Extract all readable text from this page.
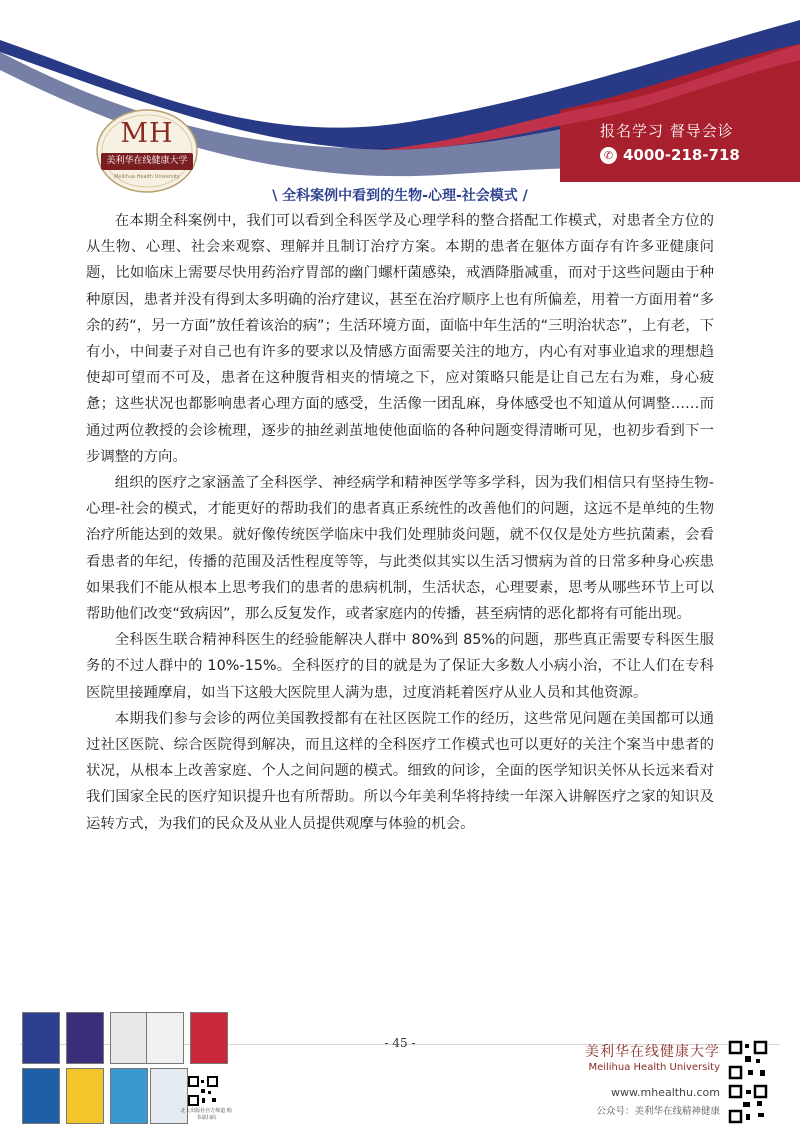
MH
美利华在线健康大学
Meilihua Health University
报名学习 督导会诊
✆ 4000-218-718
\ 全科案例中看到的生物-心理-社会模式 /

在本期全科案例中，我们可以看到全科医学及心理学科的整合搭配工作模式，对患者全方位的从生物、心理、社会来观察、理解并且制订治疗方案。本期的患者在躯体方面存有许多亚健康问题，比如临床上需要尽快用药治疗胃部的幽门螺杆菌感染，戒酒降脂减重，而对于这些问题由于种种原因，患者并没有得到太多明确的治疗建议，甚至在治疗顺序上也有所偏差，用着一方面用着“多余的药“，另一方面”放任着该治的病”；生活环境方面，面临中年生活的“三明治状态”，上有老，下有小，中间妻子对自己也有许多的要求以及情感方面需要关注的地方，内心有对事业追求的理想趋使却可望而不可及，患者在这种腹背相夹的情境之下，应对策略只能是让自己左右为难，身心疲惫；这些状况也都影响患者心理方面的感受，生活像一团乱麻，身体感受也不知道从何调整……而通过两位教授的会诊梳理，逐步的抽丝剥茧地使他面临的各种问题变得清晰可见，也初步看到下一步调整的方向。

组织的医疗之家涵盖了全科医学、神经病学和精神医学等多学科，因为我们相信只有坚持生物-心理-社会的模式，才能更好的帮助我们的患者真正系统性的改善他们的问题，这远不是单纯的生物治疗所能达到的效果。就好像传统医学临床中我们处理肺炎问题，就不仅仅是处方些抗菌素，会看看患者的年纪，传播的范围及活性程度等等，与此类似其实以生活习惯病为首的日常多种身心疾患如果我们不能从根本上思考我们的患者的患病机制，生活状态，心理要素，思考从哪些环节上可以帮助他们改变“致病因”，那么反复发作，或者家庭内的传播，甚至病情的恶化都将有可能出现。

全科医生联合精神科医生的经验能解决人群中 80%到 85%的问题，那些真正需要专科医生服务的不过人群中的 10%-15%。全科医疗的目的就是为了保证大多数人小病小治，不让人们在专科医院里接踵摩肩，如当下这般大医院里人满为患，过度消耗着医疗从业人员和其他资源。

本期我们参与会诊的两位美国教授都有在社区医院工作的经历，这些常见问题在美国都可以通过社区医院、综合医院得到解决，而且这样的全科医疗工作模式也可以更好的关注个案当中患者的状况，从根本上改善家庭、个人之间问题的模式。细致的问诊，全面的医学知识关怀从长远来看对我们国家全民的医疗知识提升也有所帮助。所以今年美利华将持续一年深入讲解医疗之家的知识及运转方式，为我们的民众及从业人员提供观摩与体验的机会。

- 45 -
北大出版社官方频道 购书请扫码
美利华在线健康大学
Meilihua Health University
www.mhealthu.com
公众号：美利华在线精神健康
